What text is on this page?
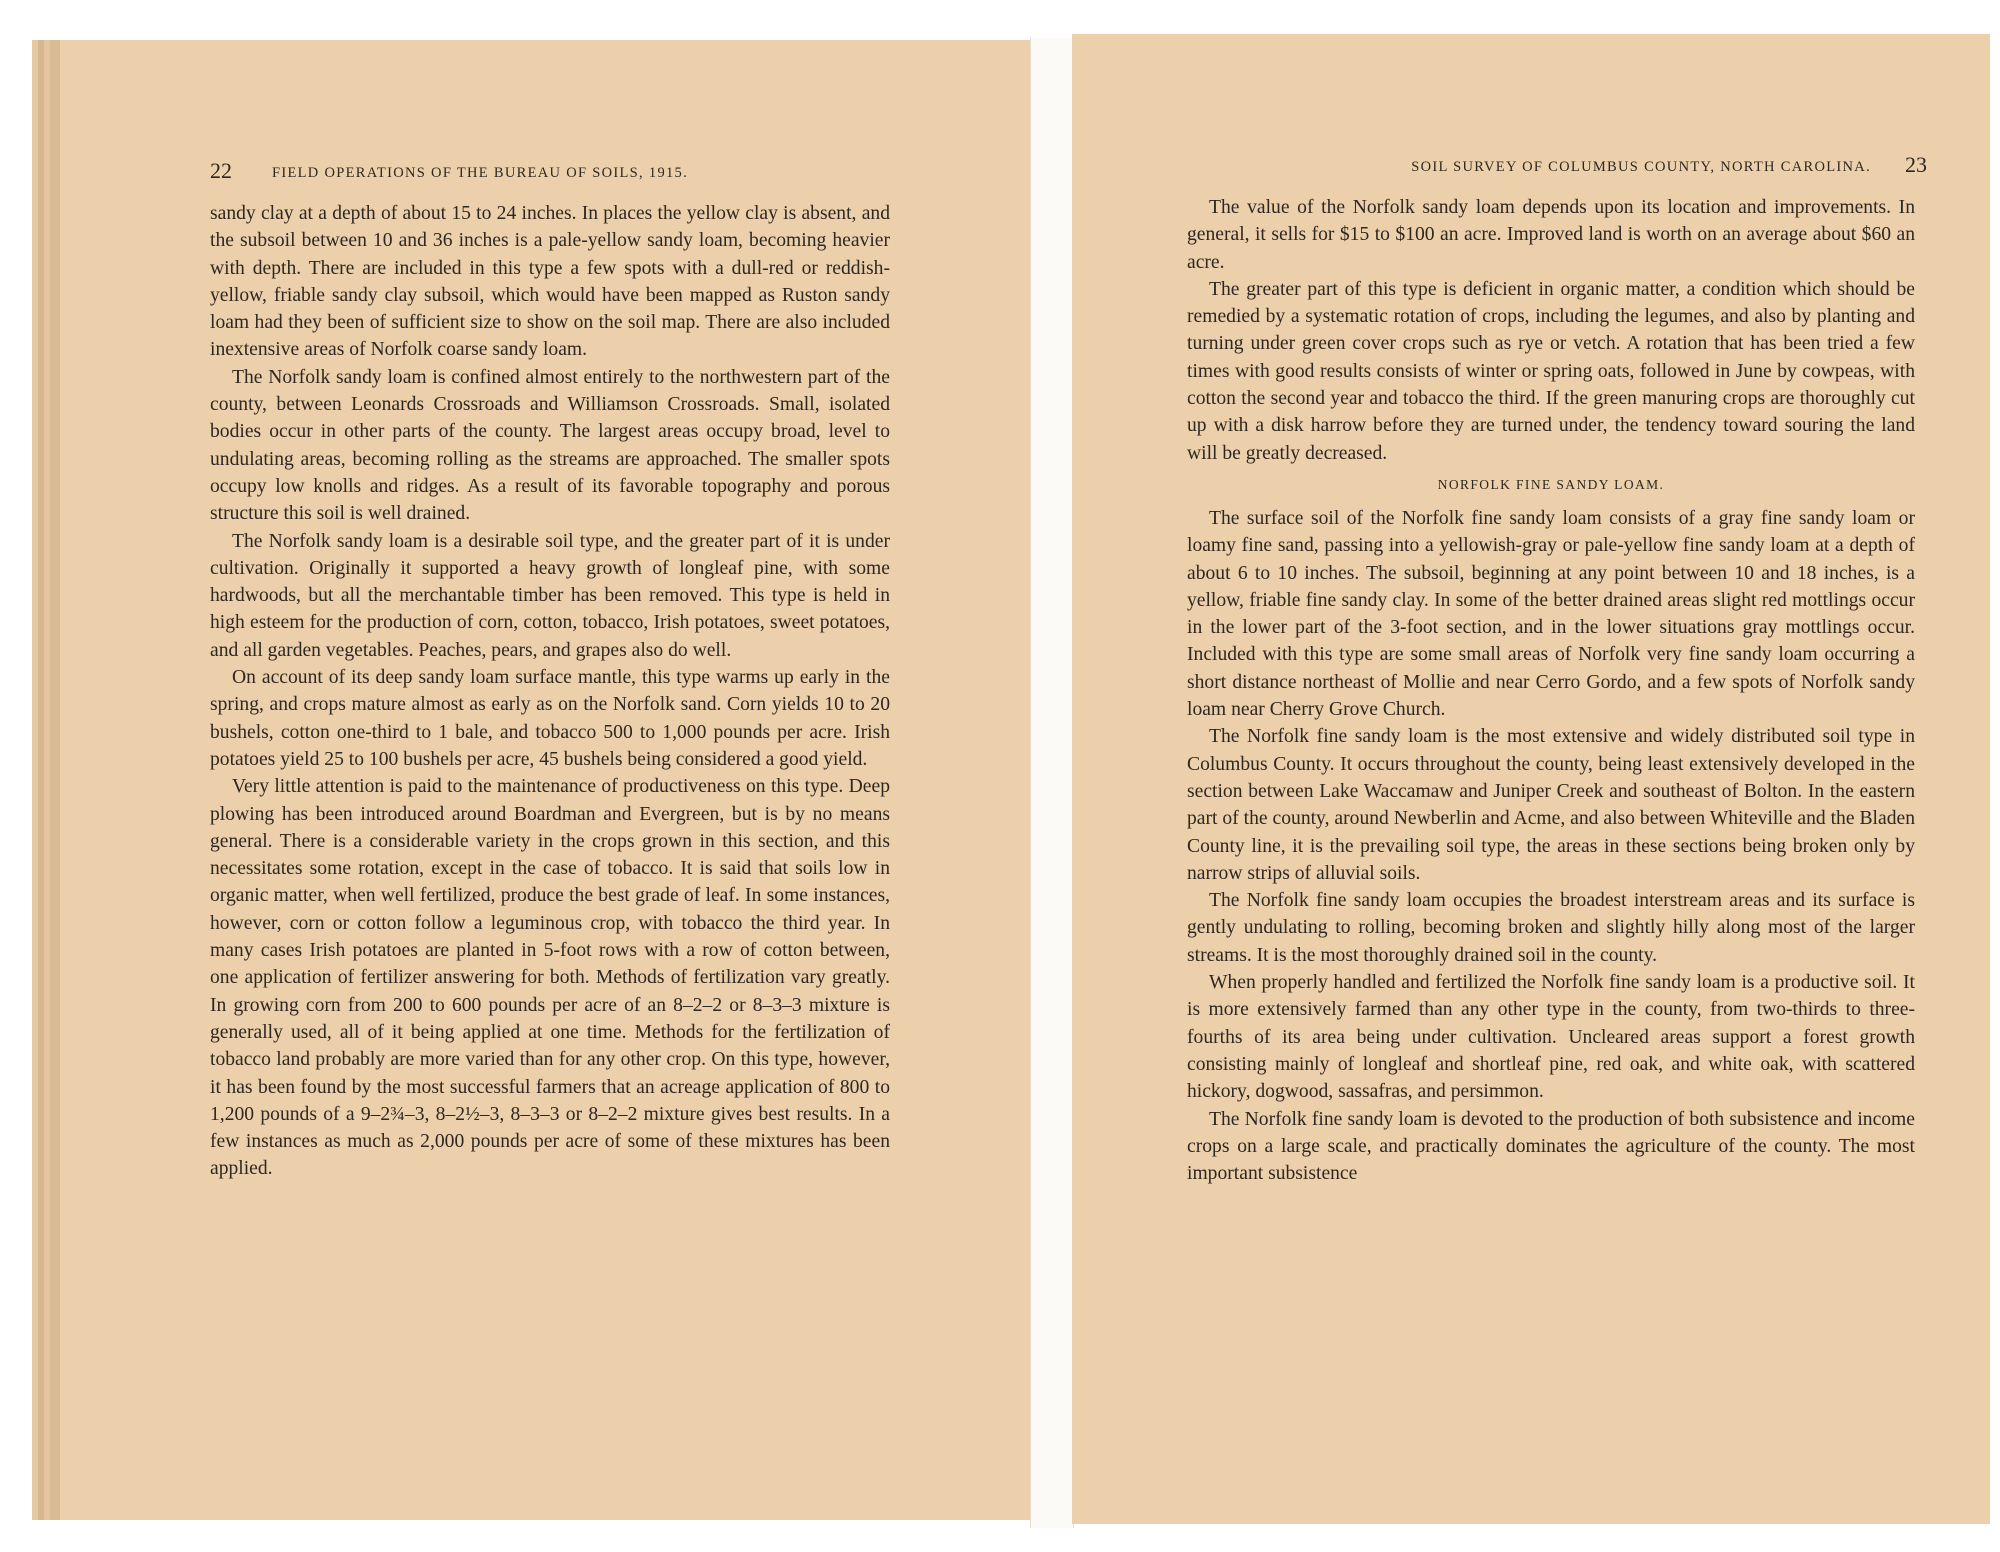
22	FIELD OPERATIONS OF THE BUREAU OF SOILS, 1915.

sandy clay at a depth of about 15 to 24 inches. In places the yellow clay is absent, and the subsoil between 10 and 36 inches is a pale-yellow sandy loam, becoming heavier with depth. There are included in this type a few spots with a dull-red or reddish-yellow, friable sandy clay subsoil, which would have been mapped as Ruston sandy loam had they been of sufficient size to show on the soil map. There are also included inextensive areas of Norfolk coarse sandy loam.

The Norfolk sandy loam is confined almost entirely to the northwestern part of the county, between Leonards Crossroads and Williamson Crossroads. Small, isolated bodies occur in other parts of the county. The largest areas occupy broad, level to undulating areas, becoming rolling as the streams are approached. The smaller spots occupy low knolls and ridges. As a result of its favorable topography and porous structure this soil is well drained.

The Norfolk sandy loam is a desirable soil type, and the greater part of it is under cultivation. Originally it supported a heavy growth of longleaf pine, with some hardwoods, but all the merchantable timber has been removed. This type is held in high esteem for the production of corn, cotton, tobacco, Irish potatoes, sweet potatoes, and all garden vegetables. Peaches, pears, and grapes also do well.

On account of its deep sandy loam surface mantle, this type warms up early in the spring, and crops mature almost as early as on the Norfolk sand. Corn yields 10 to 20 bushels, cotton one-third to 1 bale, and tobacco 500 to 1,000 pounds per acre. Irish potatoes yield 25 to 100 bushels per acre, 45 bushels being considered a good yield.

Very little attention is paid to the maintenance of productiveness on this type. Deep plowing has been introduced around Boardman and Evergreen, but is by no means general. There is a considerable variety in the crops grown in this section, and this necessitates some rotation, except in the case of tobacco. It is said that soils low in organic matter, when well fertilized, produce the best grade of leaf. In some instances, however, corn or cotton follow a leguminous crop, with tobacco the third year. In many cases Irish potatoes are planted in 5-foot rows with a row of cotton between, one application of fertilizer answering for both. Methods of fertilization vary greatly. In growing corn from 200 to 600 pounds per acre of an 8–2–2 or 8–3–3 mixture is generally used, all of it being applied at one time. Methods for the fertilization of tobacco land probably are more varied than for any other crop. On this type, however, it has been found by the most successful farmers that an acreage application of 800 to 1,200 pounds of a 9–2¾–3, 8–2½–3, 8–3–3 or 8–2–2 mixture gives best results. In a few instances as much as 2,000 pounds per acre of some of these mixtures has been applied.

SOIL SURVEY OF COLUMBUS COUNTY, NORTH CAROLINA. 23

The value of the Norfolk sandy loam depends upon its location and improvements. In general, it sells for $15 to $100 an acre. Improved land is worth on an average about $60 an acre.

The greater part of this type is deficient in organic matter, a condition which should be remedied by a systematic rotation of crops, including the legumes, and also by planting and turning under green cover crops such as rye or vetch. A rotation that has been tried a few times with good results consists of winter or spring oats, followed in June by cowpeas, with cotton the second year and tobacco the third. If the green manuring crops are thoroughly cut up with a disk harrow before they are turned under, the tendency toward souring the land will be greatly decreased.

NORFOLK FINE SANDY LOAM.

The surface soil of the Norfolk fine sandy loam consists of a gray fine sandy loam or loamy fine sand, passing into a yellowish-gray or pale-yellow fine sandy loam at a depth of about 6 to 10 inches. The subsoil, beginning at any point between 10 and 18 inches, is a yellow, friable fine sandy clay. In some of the better drained areas slight red mottlings occur in the lower part of the 3-foot section, and in the lower situations gray mottlings occur. Included with this type are some small areas of Norfolk very fine sandy loam occurring a short distance northeast of Mollie and near Cerro Gordo, and a few spots of Norfolk sandy loam near Cherry Grove Church.

The Norfolk fine sandy loam is the most extensive and widely distributed soil type in Columbus County. It occurs throughout the county, being least extensively developed in the section between Lake Waccamaw and Juniper Creek and southeast of Bolton. In the eastern part of the county, around Newberlin and Acme, and also between Whiteville and the Bladen County line, it is the prevailing soil type, the areas in these sections being broken only by narrow strips of alluvial soils.

The Norfolk fine sandy loam occupies the broadest interstream areas and its surface is gently undulating to rolling, becoming broken and slightly hilly along most of the larger streams. It is the most thoroughly drained soil in the county.

When properly handled and fertilized the Norfolk fine sandy loam is a productive soil. It is more extensively farmed than any other type in the county, from two-thirds to three-fourths of its area being under cultivation. Uncleared areas support a forest growth consisting mainly of longleaf and shortleaf pine, red oak, and white oak, with scattered hickory, dogwood, sassafras, and persimmon.

The Norfolk fine sandy loam is devoted to the production of both subsistence and income crops on a large scale, and practically dominates the agriculture of the county. The most important subsistence
